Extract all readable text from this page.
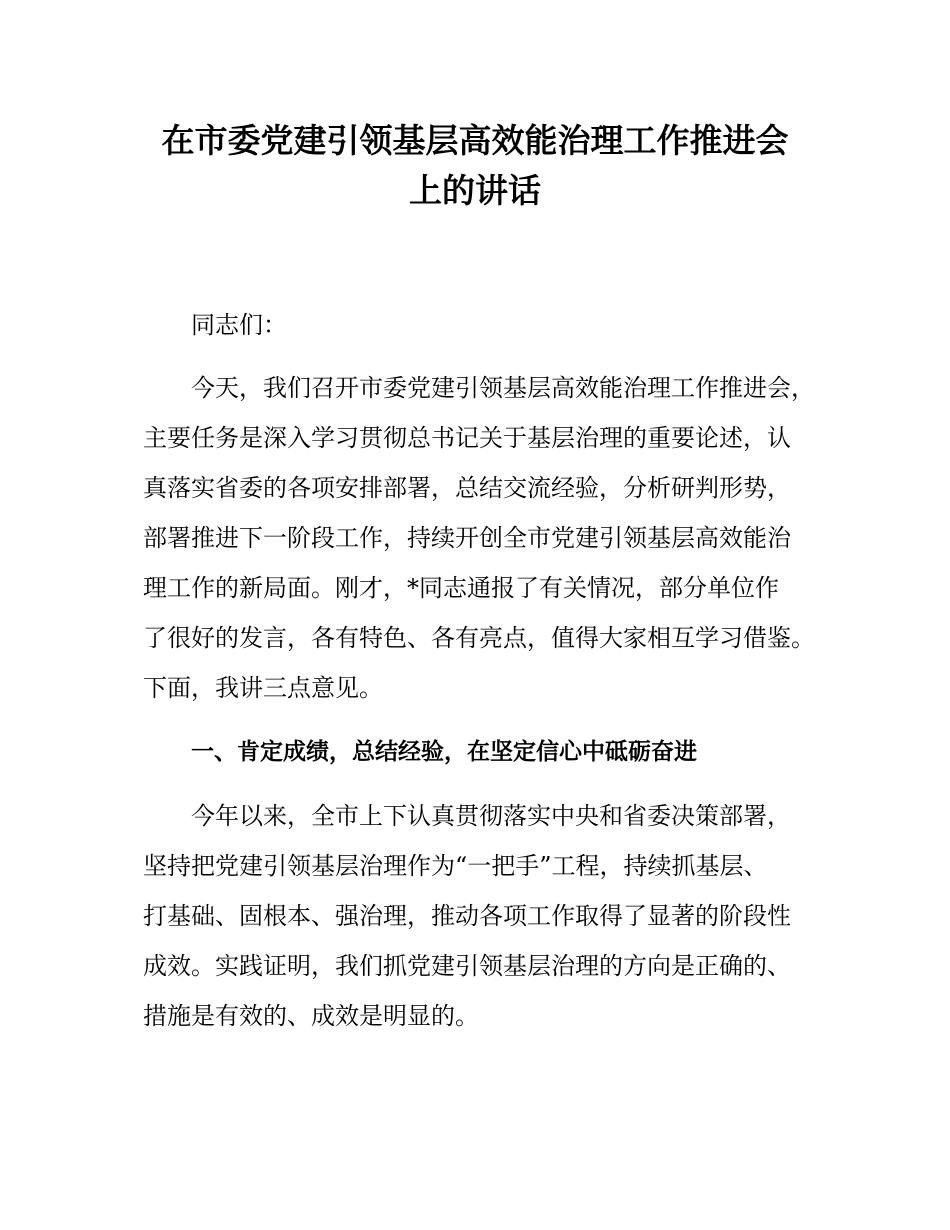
在市委党建引领基层高效能治理工作推进会
上的讲话

同志们：

今天，我们召开市委党建引领基层高效能治理工作推进会，

主要任务是深入学习贯彻总书记关于基层治理的重要论述，认

真落实省委的各项安排部署，总结交流经验，分析研判形势，

部署推进下一阶段工作，持续开创全市党建引领基层高效能治

理工作的新局面。刚才，*同志通报了有关情况，部分单位作

了很好的发言，各有特色、各有亮点，值得大家相互学习借鉴。

下面，我讲三点意见。

一、肯定成绩，总结经验，在坚定信心中砥砺奋进

今年以来，全市上下认真贯彻落实中央和省委决策部署，

坚持把党建引领基层治理作为“一把手”工程，持续抓基层、

打基础、固根本、强治理，推动各项工作取得了显著的阶段性

成效。实践证明，我们抓党建引领基层治理的方向是正确的、

措施是有效的、成效是明显的。
